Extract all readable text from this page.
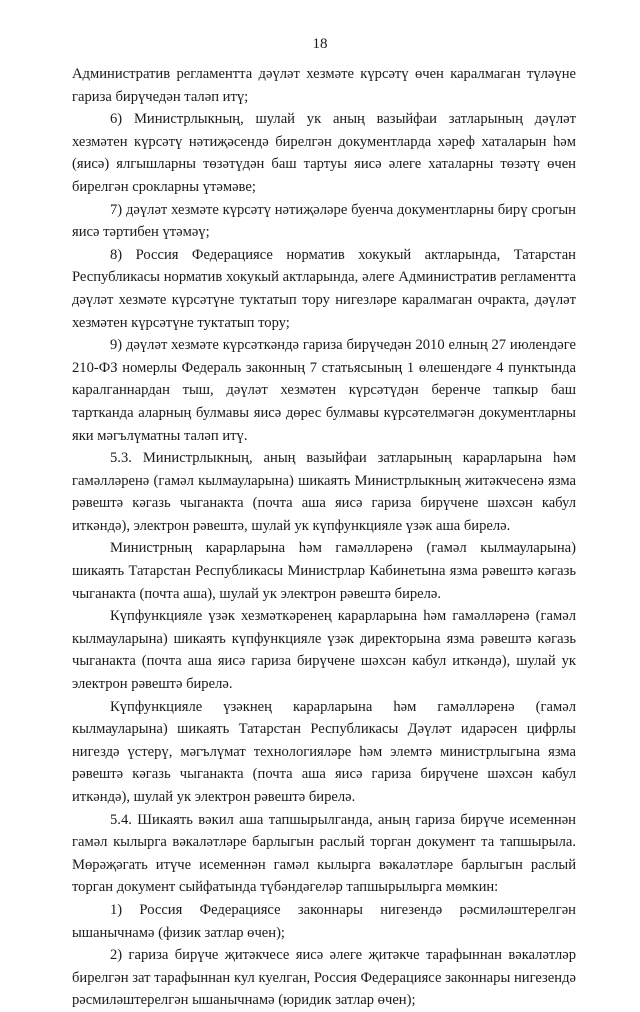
18

Административ регламентта дәүләт хезмәте күрсәтү өчен каралмаган түләүне гариза бирүчедән таләп итү;

6) Министрлыкның, шулай ук аның вазыйфаи затларының дәүләт хезмәтен күрсәтү нәтиҗәсендә бирелгән документларда хәреф хаталарын һәм (яисә) ялгышларны төзәтүдән баш тартуы яисә әлеге хаталарны төзәтү өчен бирелгән срокларны үтәмәве;

7) дәүләт хезмәте күрсәтү нәтиҗәләре буенча документларны бирү срогын яисә тәртибен үтәмәү;

8) Россия Федерациясе норматив хокукый актларында, Татарстан Республикасы норматив хокукый актларында, әлеге Административ регламентта дәүләт хезмәте күрсәтүне туктатып тору нигезләре каралмаган очракта, дәүләт хезмәтен күрсәтүне туктатып тору;

9) дәүләт хезмәте күрсәткәндә гариза бирүчедән 2010 елның 27 июлендәге 210-ФЗ номерлы Федераль законның 7 статьясының 1 өлешендәге 4 пунктында каралганнардан тыш, дәүләт хезмәтен күрсәтүдән беренче тапкыр баш тартканда аларның булмавы яисә дөрес булмавы күрсәтелмәгән документларны яки мәгълүматны таләп итү.

5.3. Министрлыкның, аның вазыйфаи затларының карарларына һәм гамәлләренә (гамәл кылмауларына) шикаять Министрлыкның житәкчесенә язма рәвештә кәгазь чыганакта (почта аша яисә гариза бирүчене шәхсән кабул иткәндә), электрон рәвештә, шулай ук күпфункцияле үзәк аша бирелә.

Министрның карарларына һәм гамәлләренә (гамәл кылмауларына) шикаять Татарстан Республикасы Министрлар Кабинетына язма рәвештә кәгазь чыганакта (почта аша), шулай ук электрон рәвештә бирелә.

Күпфункцияле үзәк хезмәткәренең карарларына һәм гамәлләренә (гамәл кылмауларына) шикаять күпфункцияле үзәк директорына язма рәвештә кәгазь чыганакта (почта аша яисә гариза бирүчене шәхсән кабул иткәндә), шулай ук электрон рәвештә бирелә.

Күпфункцияле үзәкнең карарларына һәм гамәлләренә (гамәл кылмауларына) шикаять Татарстан Республикасы Дәүләт идарәсен цифрлы нигездә үстерү, мәгълүмат технологияләре һәм элемтә министрлыгына язма рәвештә кәгазь чыганакта (почта аша яисә гариза бирүчене шәхсән кабул иткәндә), шулай ук электрон рәвештә бирелә.

5.4. Шикаять вәкил аша тапшырылганда, аның гариза бирүче исеменнән гамәл кылырга вәкаләтләре барлыгын раслый торган документ та тапшырыла. Мөрәҗәгать итүче исеменнән гамәл кылырга вәкаләтләре барлыгын раслый торган документ сыйфатында түбәндәгеләр тапшырылырга мөмкин:

1) Россия Федерациясе законнары нигезендә рәсмиләштерелгән ышанычнамә (физик затлар өчен);

2) гариза бирүче җитәкчесе яисә әлеге җитәкче тарафыннан вәкаләтләр бирелгән зат тарафыннан кул куелган, Россия Федерациясе законнары нигезендә рәсмиләштерелгән ышанычнамә (юридик затлар өчен);
